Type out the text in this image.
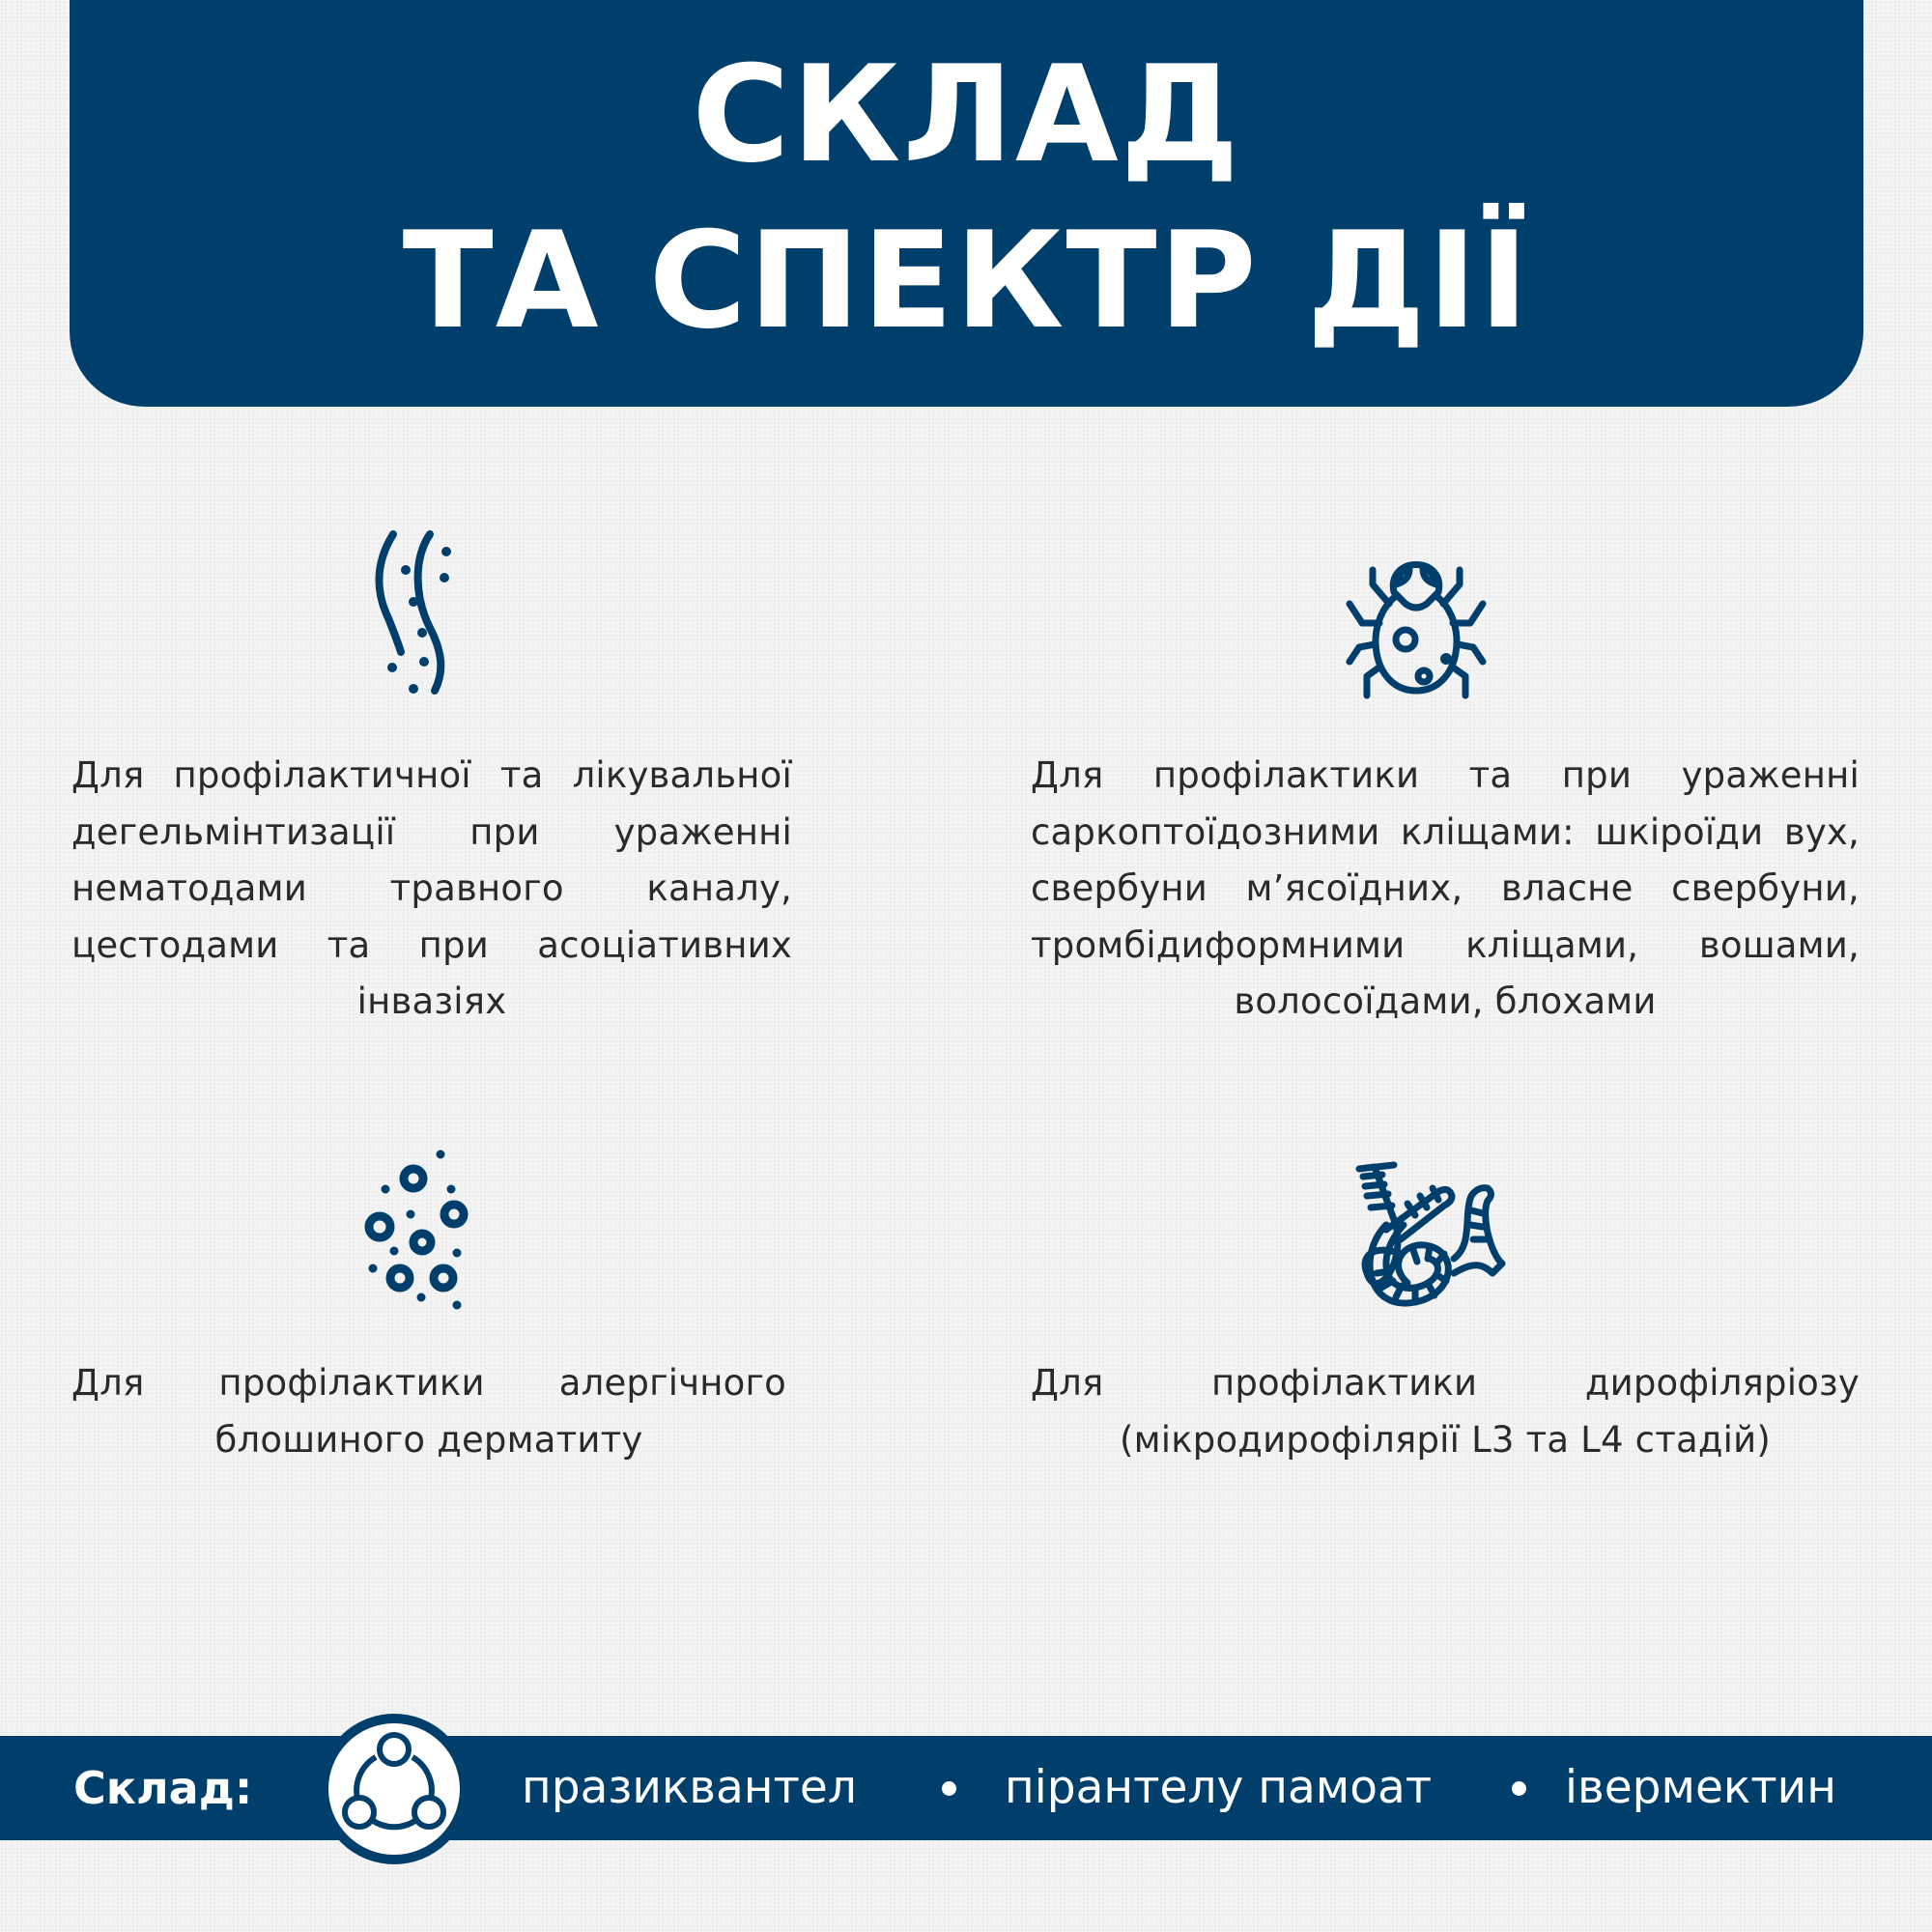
СКЛАД
ТА СПЕКТР ДІЇ
Для профілактичної та лікувальної дегельмінтизації при ураженні нематодами травного каналу, цестодами та при асоціативних інвазіях
Для профілактики та при ураженні саркоптоїдозними кліщами: шкіроїди вух, свербуни м’ясоїдних, власне свербуни, тромбідиформними кліщами, вошами, волосоїдами, блохами
Для профілактики алергічного блошиного дерматиту
Для профілактики дирофіляріозу (мікродирофілярії L3 та L4 стадій)
Склад:	празиквантел	пірантелу памоат	івермектин
